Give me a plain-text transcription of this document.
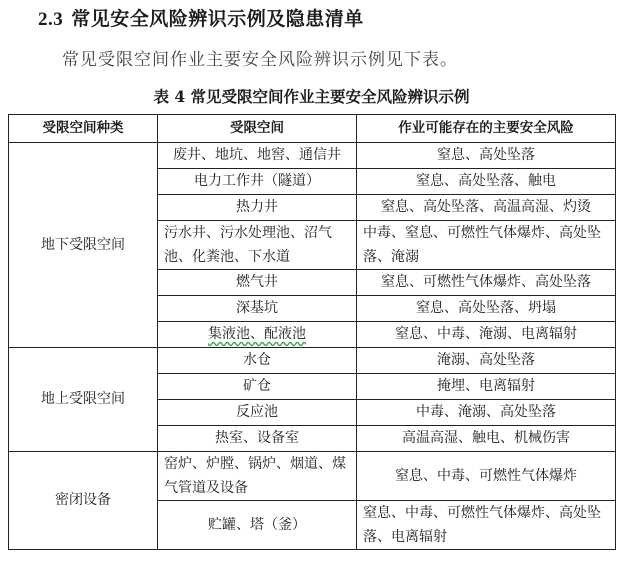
2.3 常见安全风险辨识示例及隐患清单
常见受限空间作业主要安全风险辨识示例见下表。
表 4 常见受限空间作业主要安全风险辨识示例
受限空间种类	受限空间	作业可能存在的主要安全风险
地下受限空间	废井、地坑、地窖、通信井	窒息、高处坠落
	电力工作井（隧道）	窒息、高处坠落、触电
	热力井	窒息、高处坠落、高温高湿、灼烫
	污水井、污水处理池、沼气池、化粪池、下水道	中毒、窒息、可燃性气体爆炸、高处坠落、淹溺
	燃气井	窒息、可燃性气体爆炸、高处坠落
	深基坑	窒息、高处坠落、坍塌
	集液池、配液池	窒息、中毒、淹溺、电离辐射
地上受限空间	水仓	淹溺、高处坠落
	矿仓	掩埋、电离辐射
	反应池	中毒、淹溺、高处坠落
	热室、设备室	高温高湿、触电、机械伤害
密闭设备	窑炉、炉膛、锅炉、烟道、煤气管道及设备	窒息、中毒、可燃性气体爆炸
	贮罐、塔（釜）	窒息、中毒、可燃性气体爆炸、高处坠落、电离辐射
